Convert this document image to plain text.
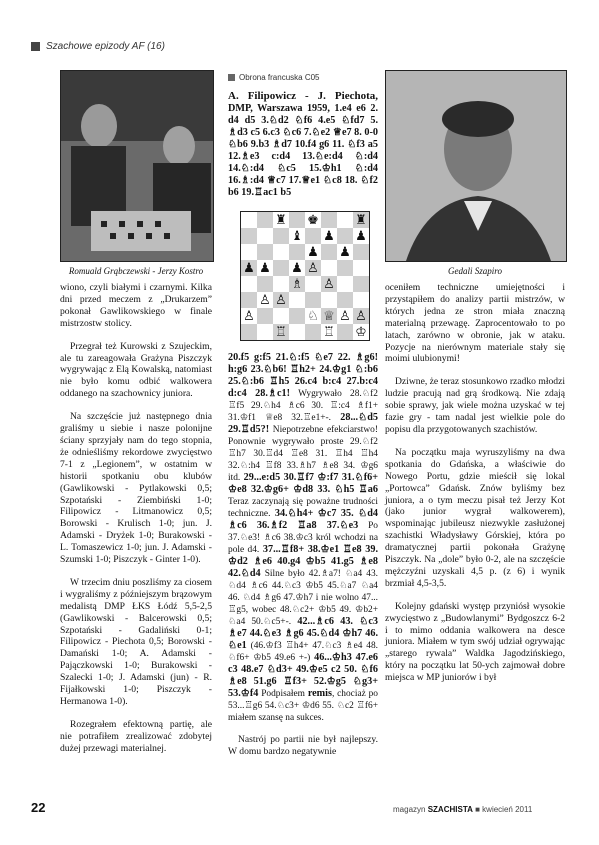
Szachowe epizody AF (16)
Romuald Grąbczewski - Jerzy Kostro	Gedali Szapiro
Obrona francuska C05
A. Filipowicz - J. Piechota, DMP, Warszawa 1959, 1.e4 e6 2. d4 d5 3.♘d2 ♘f6 4.e5 ♘fd7 5. ♗d3 c5 6.c3 ♘c6 7.♘e2 ♕e7 8. 0-0 ♘b6 9.b3 ♗d7 10.f4 g6 11. ♘f3 a5 12.♗e3 c:d4 13.♘e:d4 ♘:d4 14.♘:d4 ♘c5 15.♔h1 ♘:d4 16.♗:d4 ♕c7 17.♕e1 ♘c8 18. ♘f2 b6 19.♖ac1 b5
♜ ♚	♜
♝ ♟ ♟
♟ ♟
♟ ♟ ♟ ♙
♗ ♙
♙ ♙
♙	♘ ♕ ♙ ♙
♖	♖ ♔

wiono, czyli białymi i czarnymi. Kilka dni przed meczem z „Drukarzem” pokonał Gawlikowskiego w finale mistrzostw stolicy.

Przegrał też Kurowski z Szujeckim, ale tu zareagowała Grażyna Piszczyk wygrywając z Elą Kowalską, natomiast nie było komu odbić walkowera oddanego na szachownicy juniora.

Na szczęście już następnego dnia graliśmy u siebie i nasze polonijne ściany sprzyjały nam do tego stopnia, że odnieśliśmy rekordowe zwycięstwo 7-1 z „Legionem”, w ostatnim w historii spotkaniu obu klubów (Gawlikowski - Pytlakowski 0,5; Szpotański - Ziembiński 1-0; Filipowicz - Litmanowicz 0,5; Borowski - Krulisch 1-0; jun. J. Adamski - Dryżek 1-0; Burakowski - L. Tomaszewicz 1-0; jun. J. Adamski - Szumski 1-0; Piszczyk - Ginter 1-0).

W trzecim dniu poszliśmy za ciosem i wygraliśmy z późniejszym brązowym medalistą DMP ŁKS Łódź 5,5-2,5 (Gawlikowski - Balcerowski 0,5; Szpotański - Gadaliński 0-1; Filipowicz - Piechota 0,5; Borowski - Damański 1-0; A. Adamski - Pajączkowski 1-0; Burakowski - Szalecki 1-0; J. Adamski (jun) - R. Fijałkowski 1-0; Piszczyk - Hermanowa 1-0).

Rozegrałem efektowną partię, ale nie potrafiłem zrealizować zdobytej dużej przewagi materialnej.

20.f5 g:f5 21.♘:f5 ♘e7 22. ♗g6! h:g6 23.♘b6! ♖h2+ 24.♔g1 ♘:b6 25.♘:b6 ♖h5 26.c4 b:c4 27.b:c4 d:c4 28.♗c1! Wygrywało 28.♘f2 ♖f5 29.♘h4 ♗c6 30. ♖:c4 ♗f1+ 31.♔f1 ♕e8 32.♖e1+-. 28...♘d5 29.♖d5?! Niepotrzebne efekciarstwo! Ponownie wygrywało proste 29.♘f2 ♖h7 30.♖d4 ♖e8 31. ♖h4 ♖h4 32.♘:h4 ♖f8 33.♗h7 ♗e8 34. ♔g6 itd. 29...e:d5 30.♖f7 ♔:f7 31.♘f6+ ♔e8 32.♔g6+ ♔d8 33. ♘h5 ♖a6 Teraz zaczynają się poważne trudności techniczne. 34.♘h4+ ♔c7 35. ♘d4 ♗c6 36.♗f2 ♖a8 37.♘e3 Po 37.♘e3! ♗c6 38.♔c3 król wchodzi na pole d4. 37...♖f8+ 38.♔e1 ♖e8 39. ♔d2 ♗e6 40.g4 ♔b5 41.g5 ♗e8 42.♘d4 Silne było 42.♗a7! ♘a4 43. ♘d4 ♗c6 44.♘c3 ♔b5 45.♘a7 ♘a4 46. ♘d4 ♗g6 47.♔h7 i nie wolno 47... ♖g5, wobec 48.♘c2+ ♔b5 49. ♔b2+ ♘a4 50.♘c5+-. 42...♗c6 43. ♘c3 ♗e7 44.♘e3 ♗g6 45.♘d4 ♔h7 46. ♘e1 (46.♔f3 ♖h4+ 47.♘c3 ♗e4 48. ♘f6+ ♔b5 49.e6 +-) 46...♔h3 47.e6 c3 48.e7 ♘d3+ 49.♔e5 c2 50. ♘f6 ♗e8 51.g6 ♖f3+ 52.♔g5 ♘g3+ 53.♔f4 Podpisałem remis, chociaż po 53...♖g6 54.♘c3+ ♔d6 55. ♘c2 ♖f6+ miałem szansę na sukces.

Nastrój po partii nie był najlepszy. W domu bardzo negatywnie

oceniłem techniczne umiejętności i przystąpiłem do analizy partii mistrzów, w których jedna ze stron miała znaczną materialną przewagę. Zaprocentowało to po latach, zarówno w obronie, jak w ataku. Pozycje na nierównym materiale stały się moimi ulubionymi!

Dziwne, że teraz stosunkowo rzadko młodzi ludzie pracują nad grą środkową. Nie zdają sobie sprawy, jak wiele można uzyskać w tej fazie gry - tam nadal jest wielkie pole do popisu dla przygotowanych szachistów.

Na początku maja wyruszyliśmy na dwa spotkania do Gdańska, a właściwie do Nowego Portu, gdzie mieścił się lokal „Portowca” Gdańsk. Znów byliśmy bez juniora, a o tym meczu pisał też Jerzy Kot (jako junior wygrał walkowerem), wspominając jubileusz niezwykle zasłużonej szachistki Władysławy Górskiej, która po dramatycznej partii pokonała Grażynę Piszczyk. Na „dole” było 0-2, ale na szczęście mężczyźni uzyskali 4,5 p. (z 6) i wynik brzmiał 4,5-3,5.

Kolejny gdański występ przyniósł wysokie zwycięstwo z „Budowlanymi” Bydgoszcz 6-2 i to mimo oddania walkowera na desce juniora. Miałem w tym swój udział ogrywając „starego rywala” Waldka Jagodzińskiego, który na początku lat 50-ych zajmował dobre miejsca w MP juniorów i był

22	magazyn SZACHISTA ■ kwiecień 2011
